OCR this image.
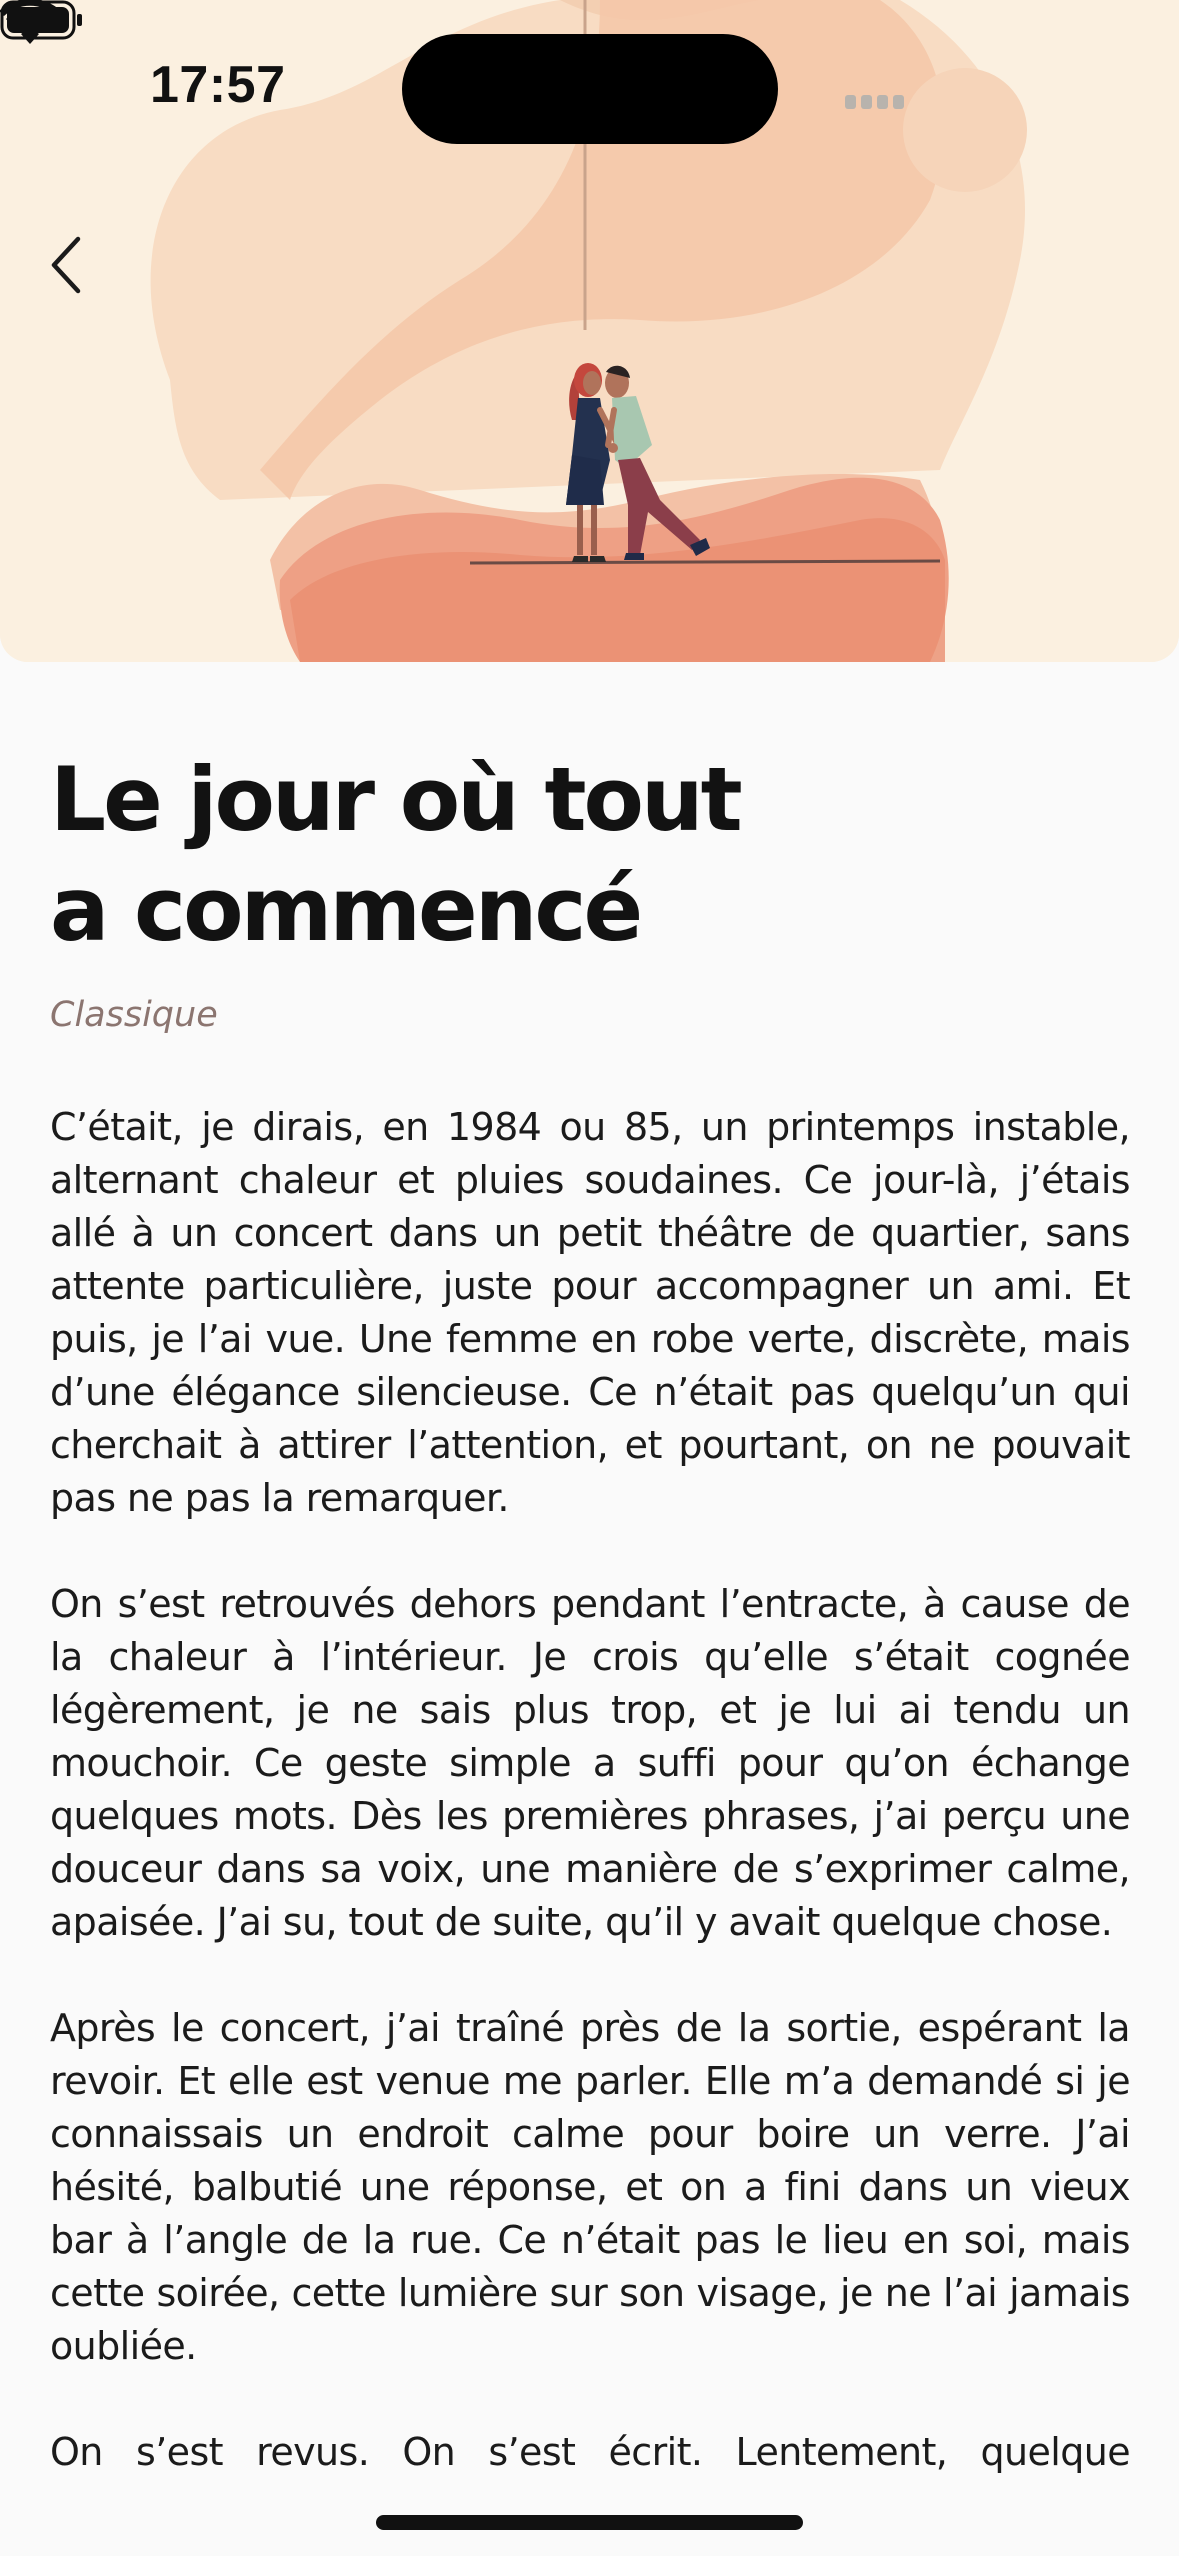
17:57
Le jour où tout a commencé
Classique

C’était, je dirais, en 1984 ou 85, un printemps instable, alternant chaleur et pluies soudaines. Ce jour-là, j’étais allé à un concert dans un petit théâtre de quartier, sans attente particulière, juste pour accompagner un ami. Et puis, je l’ai vue. Une femme en robe verte, discrète, mais d’une élégance silencieuse. Ce n’était pas quelqu’un qui cherchait à attirer l’attention, et pourtant, on ne pouvait pas ne pas la remarquer.

On s’est retrouvés dehors pendant l’entracte, à cause de la chaleur à l’intérieur. Je crois qu’elle s’était cognée légèrement, je ne sais plus trop, et je lui ai tendu un mouchoir. Ce geste simple a suffi pour qu’on échange quelques mots. Dès les premières phrases, j’ai perçu une douceur dans sa voix, une manière de s’exprimer calme, apaisée. J’ai su, tout de suite, qu’il y avait quelque chose.

Après le concert, j’ai traîné près de la sortie, espérant la revoir. Et elle est venue me parler. Elle m’a demandé si je connaissais un endroit calme pour boire un verre. J’ai hésité, balbutié une réponse, et on a fini dans un vieux bar à l’angle de la rue. Ce n’était pas le lieu en soi, mais cette soirée, cette lumière sur son visage, je ne l’ai jamais oubliée.

On s’est revus. On s’est écrit. Lentement, quelque
